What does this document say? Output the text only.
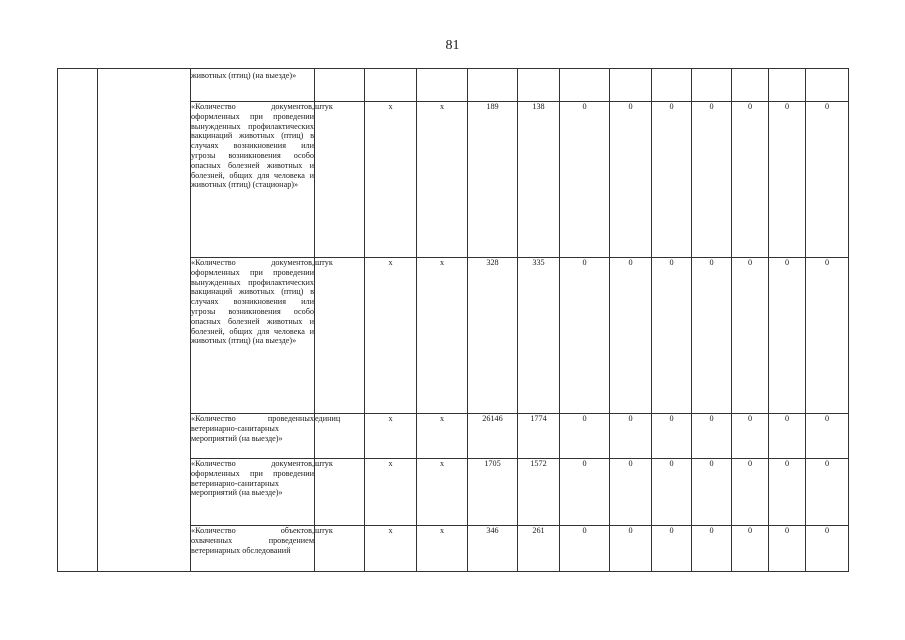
81
		животных (птиц) (на выезде)»												
		«Количество документов, оформленных при проведении вынужденных профилактических вакцинаций животных (птиц) в случаях возникновения или угрозы возникновения особо опасных болезней животных и болезней, общих для человека и животных (птиц) (стационар)»	штук	х	х	189	138	0	0	0	0	0	0	0
		«Количество документов, оформленных при проведении вынужденных профилактических вакцинаций животных (птиц) в случаях возникновения или угрозы возникновения особо опасных болезней животных и болезней, общих для человека и животных (птиц) (на выезде)»	штук	х	х	328	335	0	0	0	0	0	0	0
		«Количество проведенных ветеринарно-санитарных мероприятий (на выезде)»	единиц	х	х	26146	1774	0	0	0	0	0	0	0
		«Количество документов, оформленных при проведении ветеринарно-санитарных мероприятий (на выезде)»	штук	х	х	1705	1572	0	0	0	0	0	0	0
		«Количество объектов, охваченных проведением ветеринарных обследований	штук	х	х	346	261	0	0	0	0	0	0	0
